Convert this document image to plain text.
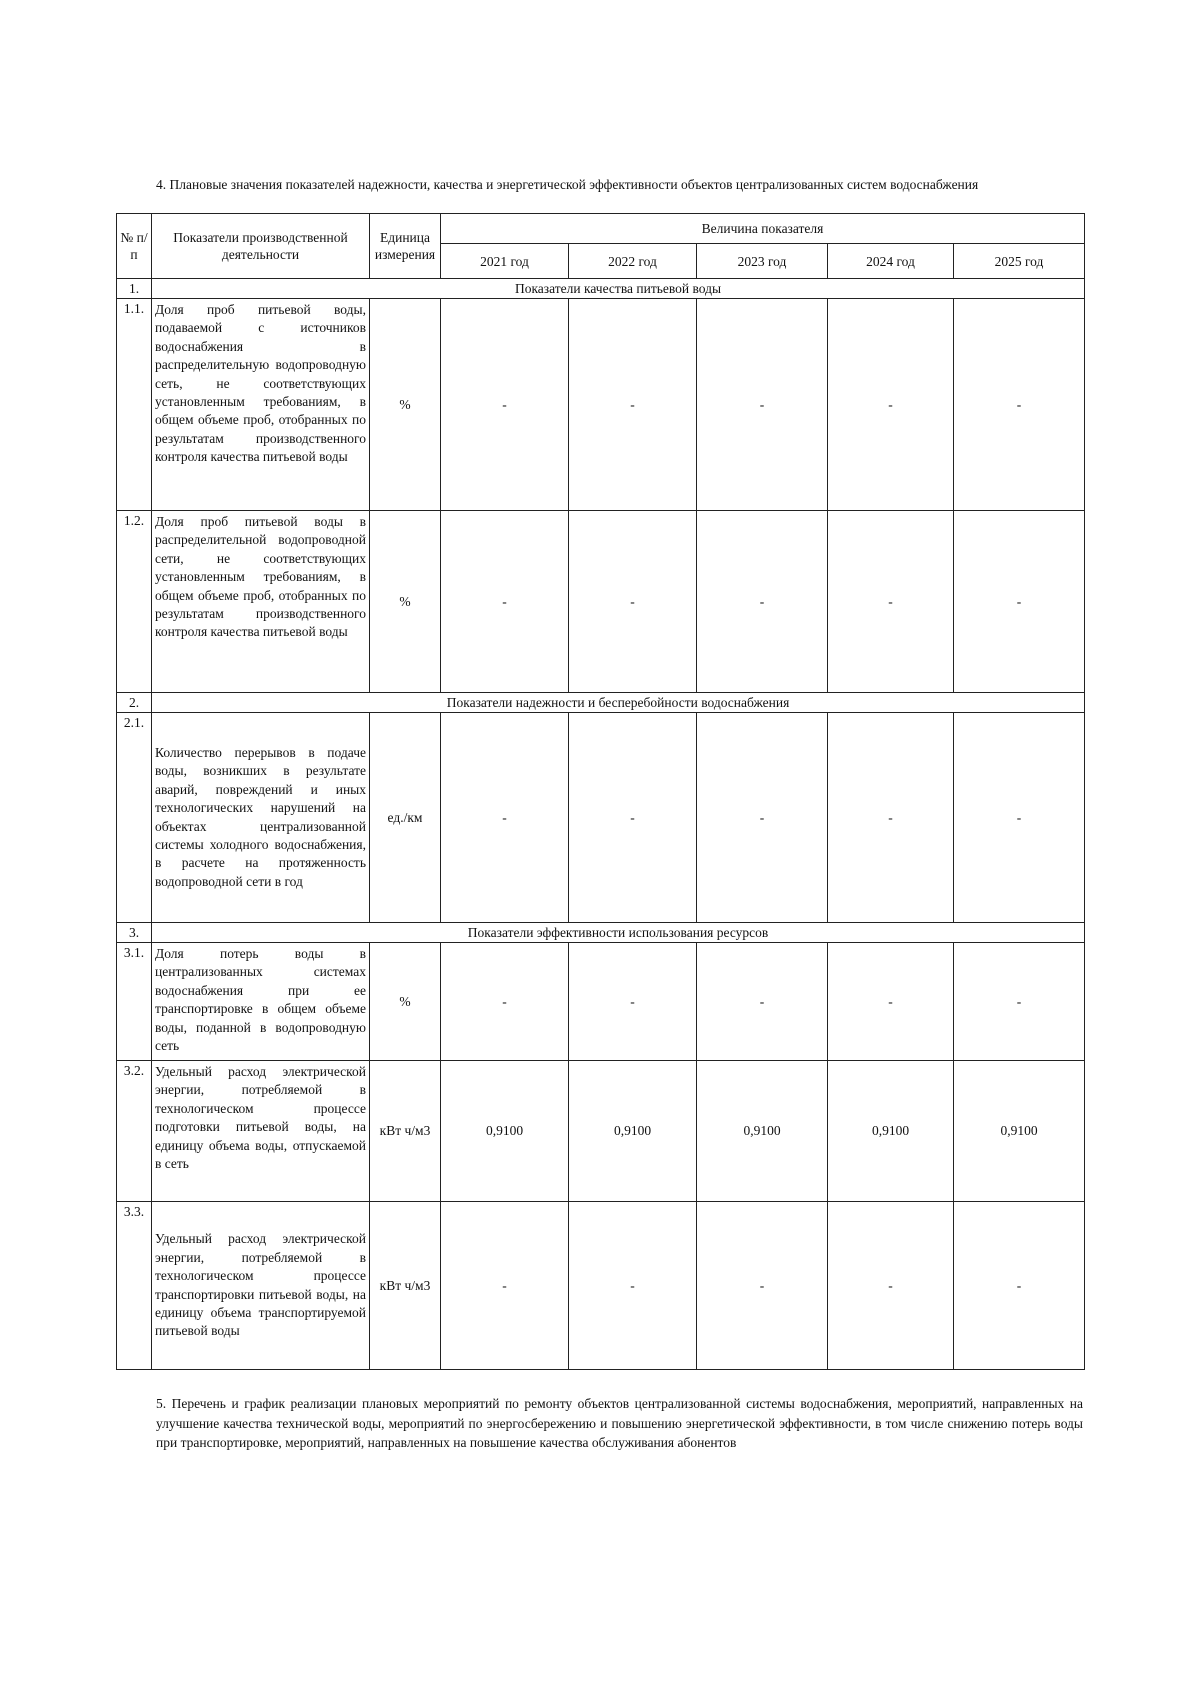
4. Плановые значения показателей надежности, качества и энергетической эффективности объектов централизованных систем водоснабжения
№ п/п	Показатели производственной деятельности	Единица измерения	Величина показателя				
			2021 год	2022 год	2023 год	2024 год	2025 год
1.	Показатели качества питьевой воды						
1.1.	Доля проб питьевой воды, подаваемой с источников водоснабжения в распределительную водопроводную сеть, не соответствующих установленным требованиям, в общем объеме проб, отобранных по результатам производственного контроля качества питьевой воды	%	-	-	-	-	-
1.2.	Доля проб питьевой воды в распределительной водопроводной сети, не соответствующих установленным требованиям, в общем объеме проб, отобранных по результатам производственного контроля качества питьевой воды	%	-	-	-	-	-
2.	Показатели надежности и бесперебойности водоснабжения						
2.1.	Количество перерывов в подаче воды, возникших в результате аварий, повреждений и иных технологических нарушений на объектах централизованной системы холодного водоснабжения, в расчете на протяженность водопроводной сети в год	ед./км	-	-	-	-	-
3.	Показатели эффективности использования ресурсов						
3.1.	Доля потерь воды в централизованных системах водоснабжения при ее транспортировке в общем объеме воды, поданной в водопроводную сеть	%	-	-	-	-	-
3.2.	Удельный расход электрической энергии, потребляемой в технологическом процессе подготовки питьевой воды, на единицу объема воды, отпускаемой в сеть	кВт ч/м3	0,9100	0,9100	0,9100	0,9100	0,9100
3.3.	Удельный расход электрической энергии, потребляемой в технологическом процессе транспортировки питьевой воды, на единицу объема транспортируемой питьевой воды	кВт ч/м3	-	-	-	-	-
5. Перечень и график реализации плановых мероприятий по ремонту объектов централизованной системы водоснабжения, мероприятий, направленных на улучшение качества технической воды, мероприятий по энергосбережению и повышению энергетической эффективности, в том числе снижению потерь воды при транспортировке, мероприятий, направленных на повышение качества обслуживания абонентов
